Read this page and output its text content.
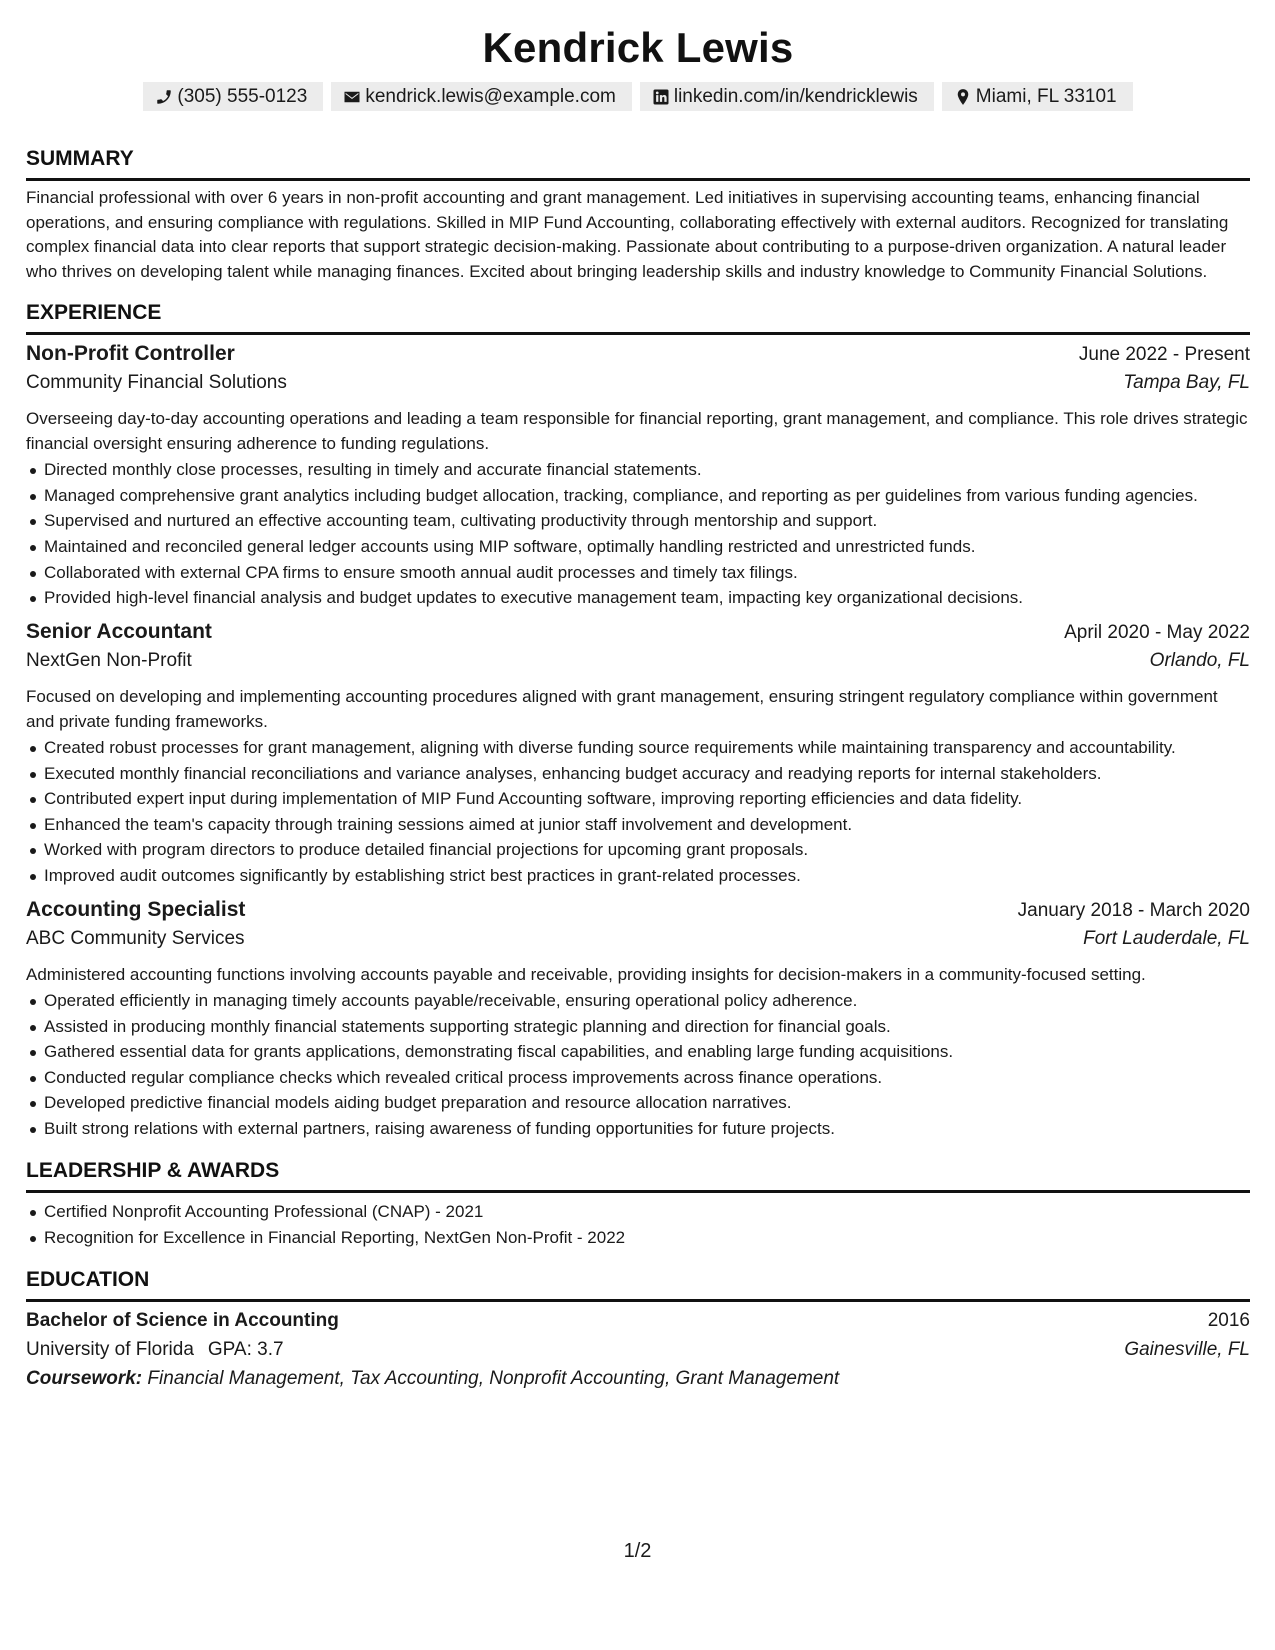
Kendrick Lewis
(305) 555-0123	kendrick.lewis@example.com	linkedin.com/in/kendricklewis	Miami, FL 33101
SUMMARY
Financial professional with over 6 years in non-profit accounting and grant management. Led initiatives in supervising accounting teams, enhancing financial operations, and ensuring compliance with regulations. Skilled in MIP Fund Accounting, collaborating effectively with external auditors. Recognized for translating complex financial data into clear reports that support strategic decision-making. Passionate about contributing to a purpose-driven organization. A natural leader who thrives on developing talent while managing finances. Excited about bringing leadership skills and industry knowledge to Community Financial Solutions.
EXPERIENCE
Non-Profit Controller	June 2022 - Present
Community Financial Solutions	Tampa Bay, FL
Overseeing day-to-day accounting operations and leading a team responsible for financial reporting, grant management, and compliance. This role drives strategic financial oversight ensuring adherence to funding regulations.
Directed monthly close processes, resulting in timely and accurate financial statements.
Managed comprehensive grant analytics including budget allocation, tracking, compliance, and reporting as per guidelines from various funding agencies.
Supervised and nurtured an effective accounting team, cultivating productivity through mentorship and support.
Maintained and reconciled general ledger accounts using MIP software, optimally handling restricted and unrestricted funds.
Collaborated with external CPA firms to ensure smooth annual audit processes and timely tax filings.
Provided high-level financial analysis and budget updates to executive management team, impacting key organizational decisions.
Senior Accountant	April 2020 - May 2022
NextGen Non-Profit	Orlando, FL
Focused on developing and implementing accounting procedures aligned with grant management, ensuring stringent regulatory compliance within government and private funding frameworks.
Created robust processes for grant management, aligning with diverse funding source requirements while maintaining transparency and accountability.
Executed monthly financial reconciliations and variance analyses, enhancing budget accuracy and readying reports for internal stakeholders.
Contributed expert input during implementation of MIP Fund Accounting software, improving reporting efficiencies and data fidelity.
Enhanced the team's capacity through training sessions aimed at junior staff involvement and development.
Worked with program directors to produce detailed financial projections for upcoming grant proposals.
Improved audit outcomes significantly by establishing strict best practices in grant-related processes.
Accounting Specialist	January 2018 - March 2020
ABC Community Services	Fort Lauderdale, FL
Administered accounting functions involving accounts payable and receivable, providing insights for decision-makers in a community-focused setting.
Operated efficiently in managing timely accounts payable/receivable, ensuring operational policy adherence.
Assisted in producing monthly financial statements supporting strategic planning and direction for financial goals.
Gathered essential data for grants applications, demonstrating fiscal capabilities, and enabling large funding acquisitions.
Conducted regular compliance checks which revealed critical process improvements across finance operations.
Developed predictive financial models aiding budget preparation and resource allocation narratives.
Built strong relations with external partners, raising awareness of funding opportunities for future projects.
LEADERSHIP & AWARDS
Certified Nonprofit Accounting Professional (CNAP) - 2021
Recognition for Excellence in Financial Reporting, NextGen Non-Profit - 2022
EDUCATION
Bachelor of Science in Accounting	2016
University of Florida GPA: 3.7	Gainesville, FL
Coursework: Financial Management, Tax Accounting, Nonprofit Accounting, Grant Management
1/2
